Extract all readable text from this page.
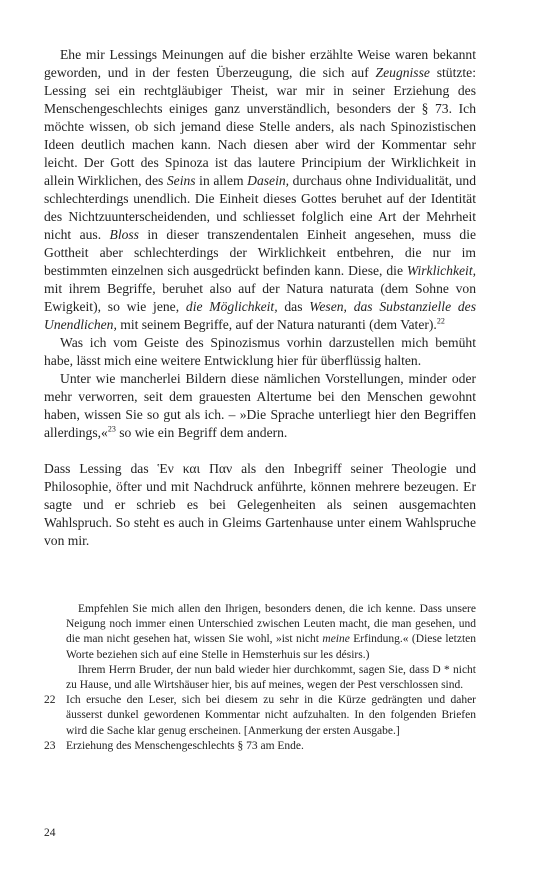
Ehe mir Lessings Meinungen auf die bisher erzählte Weise waren bekannt geworden, und in der festen Überzeugung, die sich auf Zeugnisse stützte: Lessing sei ein rechtgläubiger Theist, war mir in seiner Erziehung des Menschengeschlechts einiges ganz unverständlich, besonders der § 73. Ich möchte wissen, ob sich jemand diese Stelle anders, als nach Spinozistischen Ideen deutlich machen kann. Nach diesen aber wird der Kommentar sehr leicht. Der Gott des Spinoza ist das lautere Principium der Wirklichkeit in allein Wirklichen, des Seins in allem Dasein, durchaus ohne Individualität, und schlechterdings unendlich. Die Einheit dieses Gottes beruhet auf der Identität des Nichtzuunterscheidenden, und schliesset folglich eine Art der Mehrheit nicht aus. Bloss in dieser transzendentalen Einheit angesehen, muss die Gottheit aber schlechterdings der Wirklichkeit entbehren, die nur im bestimmten einzelnen sich ausgedrückt befinden kann. Diese, die Wirklichkeit, mit ihrem Begriffe, beruhet also auf der Natura naturata (dem Sohne von Ewigkeit), so wie jene, die Möglichkeit, das Wesen, das Substanzielle des Unendlichen, mit seinem Begriffe, auf der Natura naturanti (dem Vater).$^{22}$

Was ich vom Geiste des Spinozismus vorhin darzustellen mich bemüht habe, lässt mich eine weitere Entwicklung hier für überflüssig halten.

Unter wie mancherlei Bildern diese nämlichen Vorstellungen, minder oder mehr verworren, seit dem grauesten Altertume bei den Menschen gewohnt haben, wissen Sie so gut als ich. – »Die Sprache unterliegt hier den Begriffen allerdings,«$^{23}$ so wie ein Begriff dem andern.

Dass Lessing das Ἑν και Παν als den Inbegriff seiner Theologie und Philosophie, öfter und mit Nachdruck anführte, können mehrere bezeugen. Er sagte und er schrieb es bei Gelegenheiten als seinen ausgemachten Wahlspruch. So steht es auch in Gleims Gartenhause unter einem Wahlspruche von mir.

Empfehlen Sie mich allen den Ihrigen, besonders denen, die ich kenne. Dass unsere Neigung noch immer einen Unterschied zwischen Leuten macht, die man gesehen, und die man nicht gesehen hat, wissen Sie wohl, »ist nicht meine Erfindung.« (Diese letzten Worte beziehen sich auf eine Stelle in Hemsterhuis sur les désirs.)

Ihrem Herrn Bruder, der nun bald wieder hier durchkommt, sagen Sie, dass D * nicht zu Hause, und alle Wirtshäuser hier, bis auf meines, wegen der Pest verschlossen sind.

22 Ich ersuche den Leser, sich bei diesem zu sehr in die Kürze gedrängten und daher äusserst dunkel gewordenen Kommentar nicht aufzuhalten. In den folgenden Briefen wird die Sache klar genug erscheinen. [Anmerkung der ersten Ausgabe.]
23 Erziehung des Menschengeschlechts § 73 am Ende.
24
